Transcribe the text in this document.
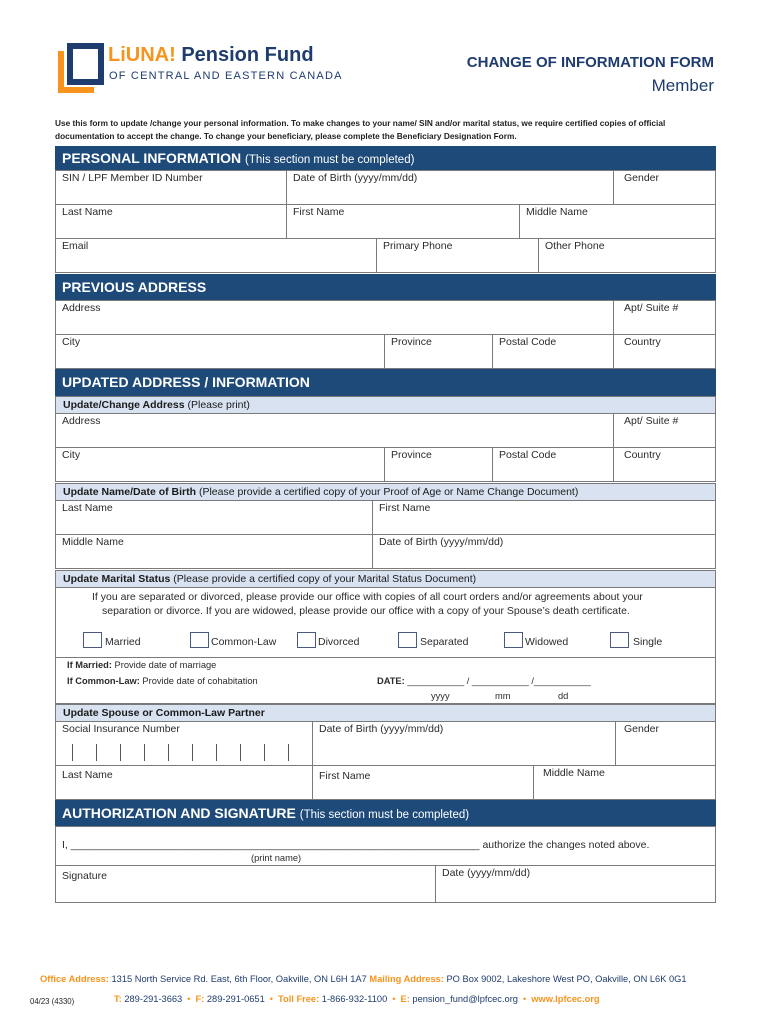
LiUNA! Pension Fund
OF CENTRAL AND EASTERN CANADA
CHANGE OF INFORMATION FORM
Member
Use this form to update /change your personal information. To make changes to your name/ SIN and/or marital status, we require certified copies of official documentation to accept the change. To change your beneficiary, please complete the Beneficiary Designation Form.
PERSONAL INFORMATION (This section must be completed)
SIN / LPF Member ID Number	Date of Birth (yyyy/mm/dd)	Gender
Last Name	First Name	Middle Name
Email	Primary Phone	Other Phone
PREVIOUS ADDRESS
Address	Apt/ Suite #
City	Province	Postal Code	Country
UPDATED ADDRESS / INFORMATION
Update/Change Address (Please print)
Address	Apt/ Suite #
City	Province	Postal Code	Country
Update Name/Date of Birth (Please provide a certified copy of your Proof of Age or Name Change Document)
Last Name	First Name
Middle Name	Date of Birth (yyyy/mm/dd)
Update Marital Status (Please provide a certified copy of your Marital Status Document)
If you are separated or divorced, please provide our office with copies of all court orders and/or agreements about your
separation or divorce. If you are widowed, please provide our office with a copy of your Spouse’s death certificate.
Married	Common-Law	Divorced	Separated	Widowed	Single
If Married: Provide date of marriage
If Common-Law: Provide date of cohabitation	DATE: ___________ / ___________ /___________
yyyy	mm	dd
Update Spouse or Common-Law Partner
Social Insurance Number	Date of Birth (yyyy/mm/dd)	Gender
Last Name	First Name	Middle Name
AUTHORIZATION AND SIGNATURE (This section must be completed)
I, ______________________________________________________________________ authorize the changes noted above.
(print name)
Signature	Date (yyyy/mm/dd)
Office Address: 1315 North Service Rd. East, 6th Floor, Oakville, ON L6H 1A7 Mailing Address: PO Box 9002, Lakeshore West PO, Oakville, ON L6K 0G1
04/23 (4330)	T: 289-291-3663 • F: 289-291-0651 • Toll Free: 1-866-932-1100 • E: pension_fund@lpfcec.org • www.lpfcec.org
